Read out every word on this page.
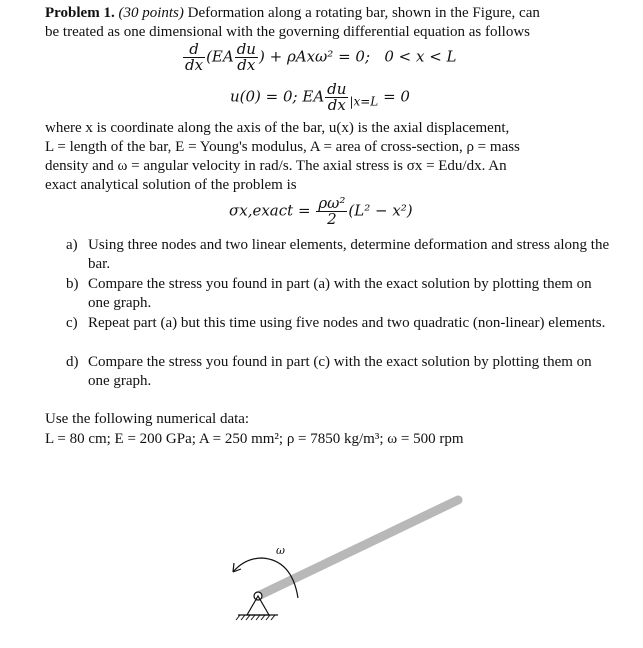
Problem 1. (30 points) Deformation along a rotating bar, shown in the Figure, can
be treated as one dimensional with the governing differential equation as follows
$\frac{d}{dx} (EA \frac{du}{dx}$ ) + ρAxω² = 0; 0 < x < L
u(0) = 0; EA $\frac{du}{dx} _{|x=L} = 0$
where x is coordinate along the axis of the bar, u(x) is the axial displacement,
L = length of the bar, E = Young's modulus, A = area of cross-section, ρ = mass
density and ω = angular velocity in rad/s. The axial stress is σx = Edu/dx. An
exact analytical solution of the problem is
σx,exact = $\frac{\text{ρω²}}{2} (L^2 - x^2)$
a) Using three nodes and two linear elements, determine deformation and stress along the bar.
b) Compare the stress you found in part (a) with the exact solution by plotting them on one graph.
c) Repeat part (a) but this time using five nodes and two quadratic (non-linear) elements.
d) Compare the stress you found in part (c) with the exact solution by plotting them on one graph.
Use the following numerical data:
L = 80 cm; E = 200 GPa; A = 250 mm²; ρ = 7850 kg/m³; ω = 500 rpm
ω
